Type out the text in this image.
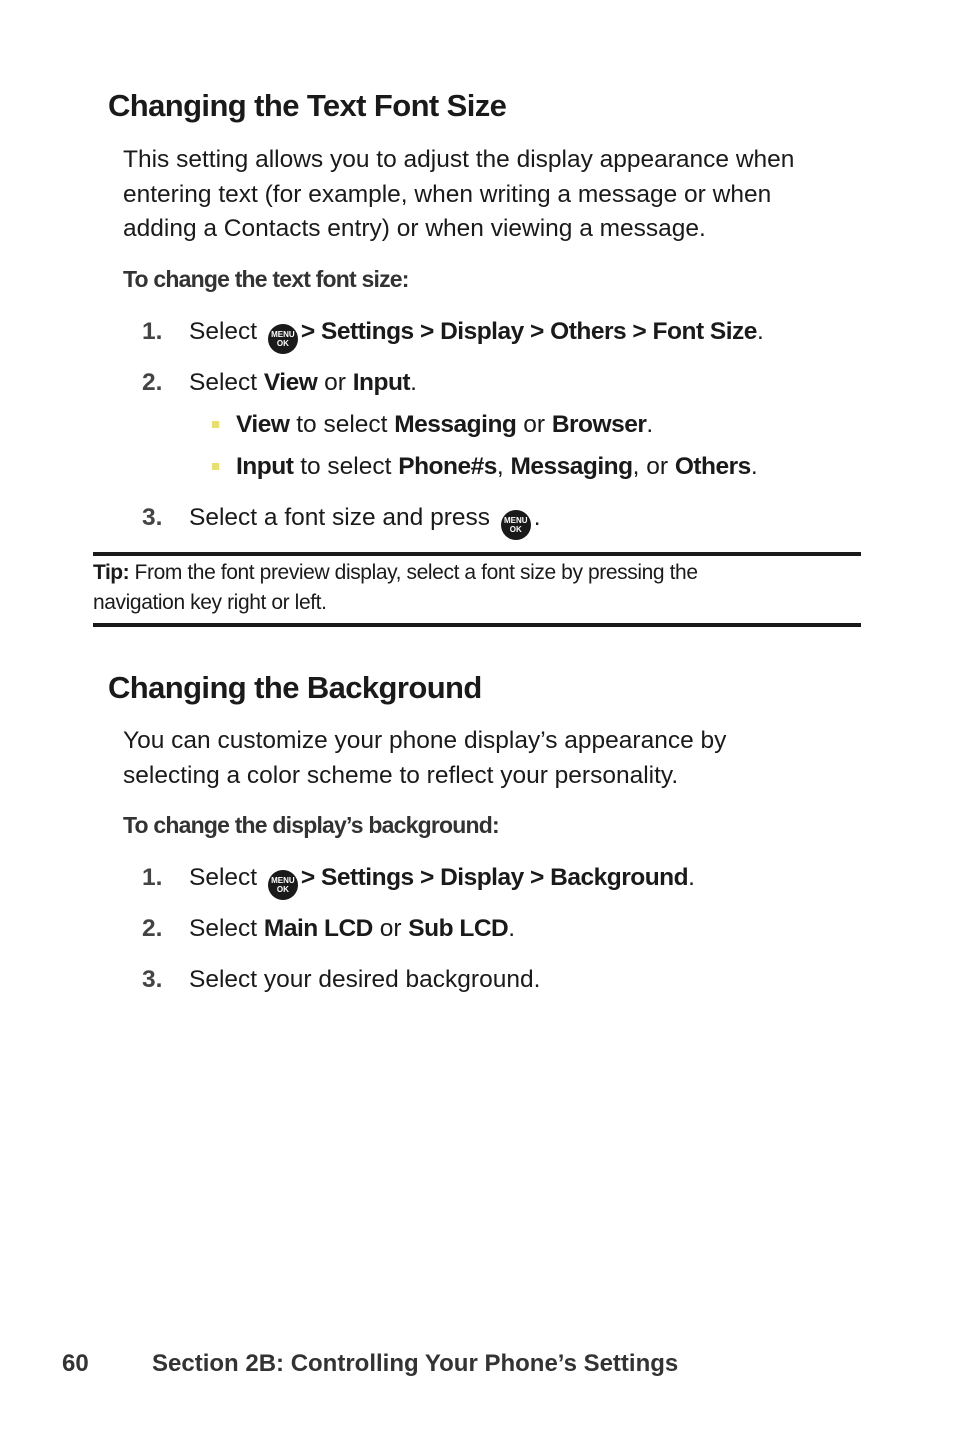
Changing the Text Font Size
This setting allows you to adjust the display appearance when
entering text (for example, when writing a message or when
adding a Contacts entry) or when viewing a message.
To change the text font size:
1. Select MENU
OK > Settings > Display > Others > Font Size.
2. Select View or Input.
View to select Messaging or Browser.
Input to select Phone#s, Messaging, or Others.
3. Select a font size and press MENU
OK .
Tip: From the font preview display, select a font size by pressing the
navigation key right or left.
Changing the Background
You can customize your phone display’s appearance by
selecting a color scheme to reflect your personality.
To change the display’s background:
1. Select MENU
OK > Settings > Display > Background.
2. Select Main LCD or Sub LCD.
3. Select your desired background.
60	Section 2B: Controlling Your Phone’s Settings
